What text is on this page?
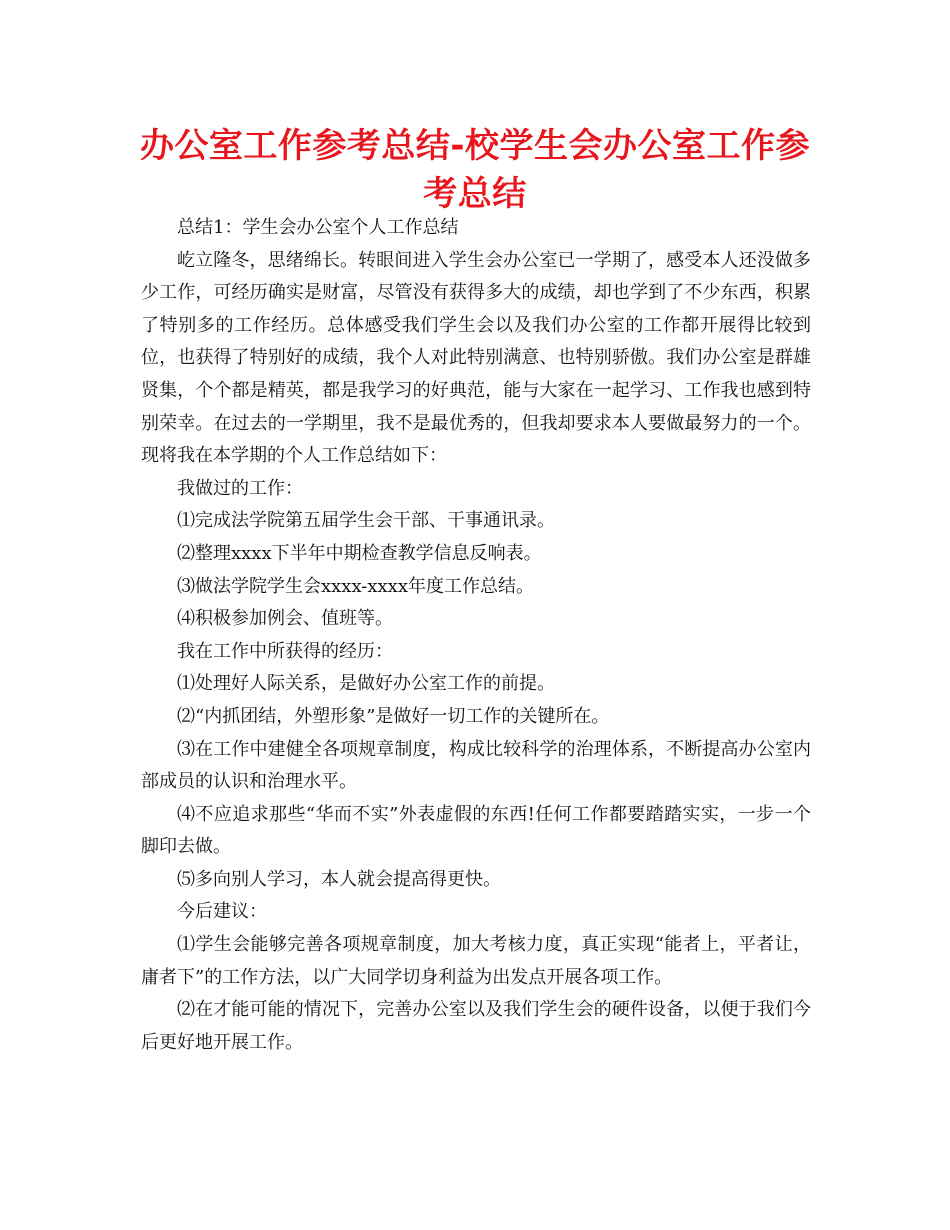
办公室工作参考总结-校学生会办公室工作参考总结

总结1：学生会办公室个人工作总结

屹立隆冬，思绪绵长。转眼间进入学生会办公室已一学期了，感受本人还没做多少工作，可经历确实是财富，尽管没有获得多大的成绩，却也学到了不少东西，积累了特别多的工作经历。总体感受我们学生会以及我们办公室的工作都开展得比较到位，也获得了特别好的成绩，我个人对此特别满意、也特别骄傲。我们办公室是群雄贤集，个个都是精英，都是我学习的好典范，能与大家在一起学习、工作我也感到特别荣幸。在过去的一学期里，我不是最优秀的，但我却要求本人要做最努力的一个。现将我在本学期的个人工作总结如下：

我做过的工作：

⑴完成法学院第五届学生会干部、干事通讯录。

⑵整理xxxx下半年中期检查教学信息反响表。

⑶做法学院学生会xxxx-xxxx年度工作总结。

⑷积极参加例会、值班等。

我在工作中所获得的经历：

⑴处理好人际关系，是做好办公室工作的前提。

⑵“内抓团结，外塑形象”是做好一切工作的关键所在。

⑶在工作中建健全各项规章制度，构成比较科学的治理体系，不断提高办公室内部成员的认识和治理水平。

⑷不应追求那些“华而不实”外表虚假的东西!任何工作都要踏踏实实，一步一个脚印去做。

⑸多向别人学习，本人就会提高得更快。

今后建议：

⑴学生会能够完善各项规章制度，加大考核力度，真正实现“能者上，平者让，庸者下”的工作方法，以广大同学切身利益为出发点开展各项工作。

⑵在才能可能的情况下，完善办公室以及我们学生会的硬件设备，以便于我们今后更好地开展工作。
